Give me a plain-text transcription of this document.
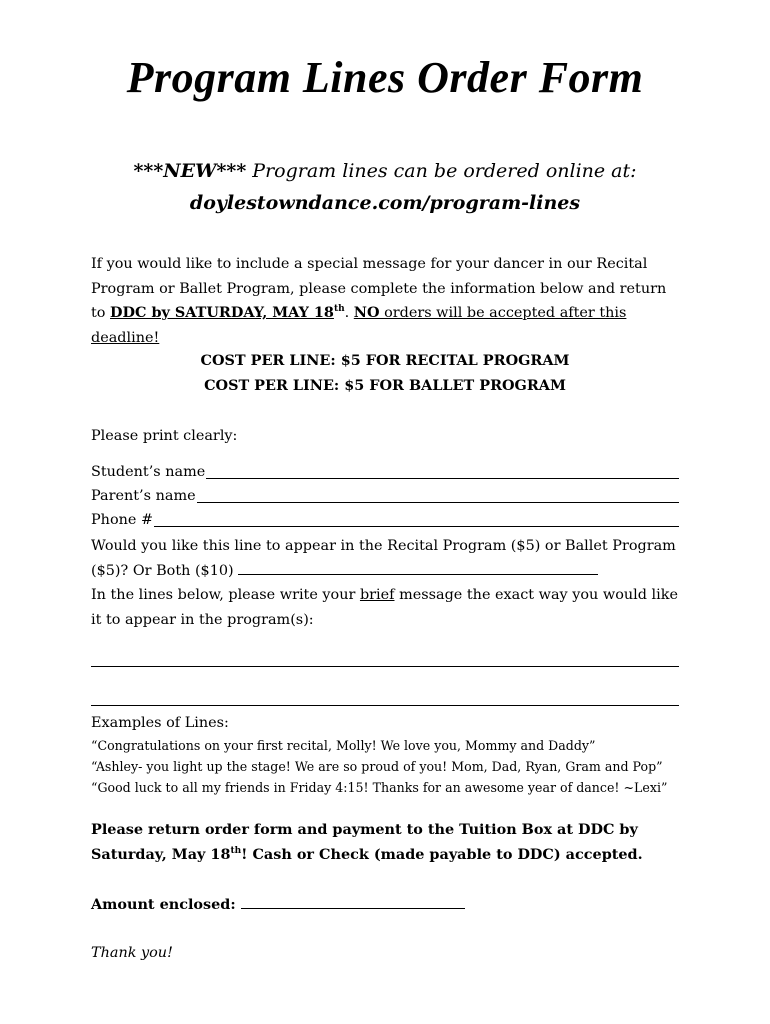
Program Lines Order Form
***NEW*** Program lines can be ordered online at:
doylestowndance.com/program-lines
If you would like to include a special message for your dancer in our Recital Program or Ballet Program, please complete the information below and return to DDC by SATURDAY, MAY 18th. NO orders will be accepted after this deadline!
COST PER LINE: $5 FOR RECITAL PROGRAM
COST PER LINE: $5 FOR BALLET PROGRAM
Please print clearly:
Student’s name
Parent’s name
Phone #
Would you like this line to appear in the Recital Program ($5) or Ballet Program ($5)? Or Both ($10)
In the lines below, please write your brief message the exact way you would like it to appear in the program(s):
Examples of Lines:
“Congratulations on your first recital, Molly! We love you, Mommy and Daddy”
“Ashley- you light up the stage! We are so proud of you! Mom, Dad, Ryan, Gram and Pop”
“Good luck to all my friends in Friday 4:15! Thanks for an awesome year of dance! ~Lexi”
Please return order form and payment to the Tuition Box at DDC by Saturday, May 18th! Cash or Check (made payable to DDC) accepted.
Amount enclosed:
Thank you!
